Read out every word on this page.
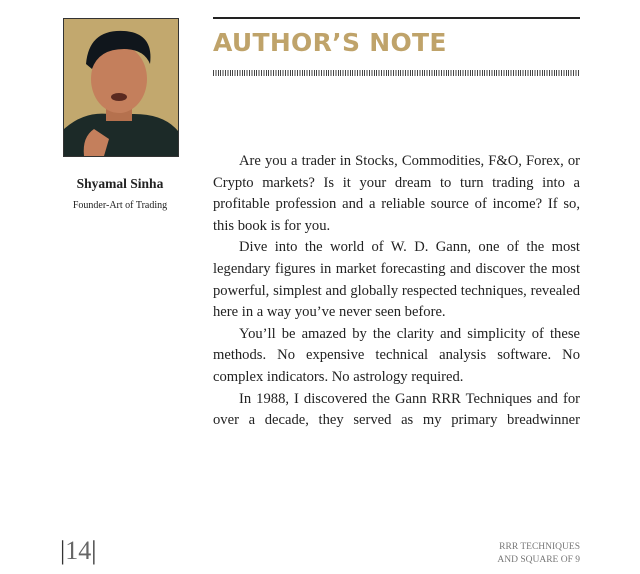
Shyamal Sinha
Founder-Art of Trading
AUTHOR’S NOTE

Are you a trader in Stocks, Commodities, F&O, Forex, or Crypto markets? Is it your dream to turn trading into a profitable profession and a reliable source of income? If so, this book is for you.

Dive into the world of W. D. Gann, one of the most legendary figures in market forecasting and discover the most powerful, simplest and globally respected techniques, revealed here in a way you’ve never seen before.

You’ll be amazed by the clarity and simplicity of these methods. No expensive technical analysis software. No complex indicators. No astrology required.

In 1988, I discovered the Gann RRR Techniques and for over a decade, they served as my primary breadwinner

|14|	RRR TECHNIQUES
AND SQUARE OF 9
